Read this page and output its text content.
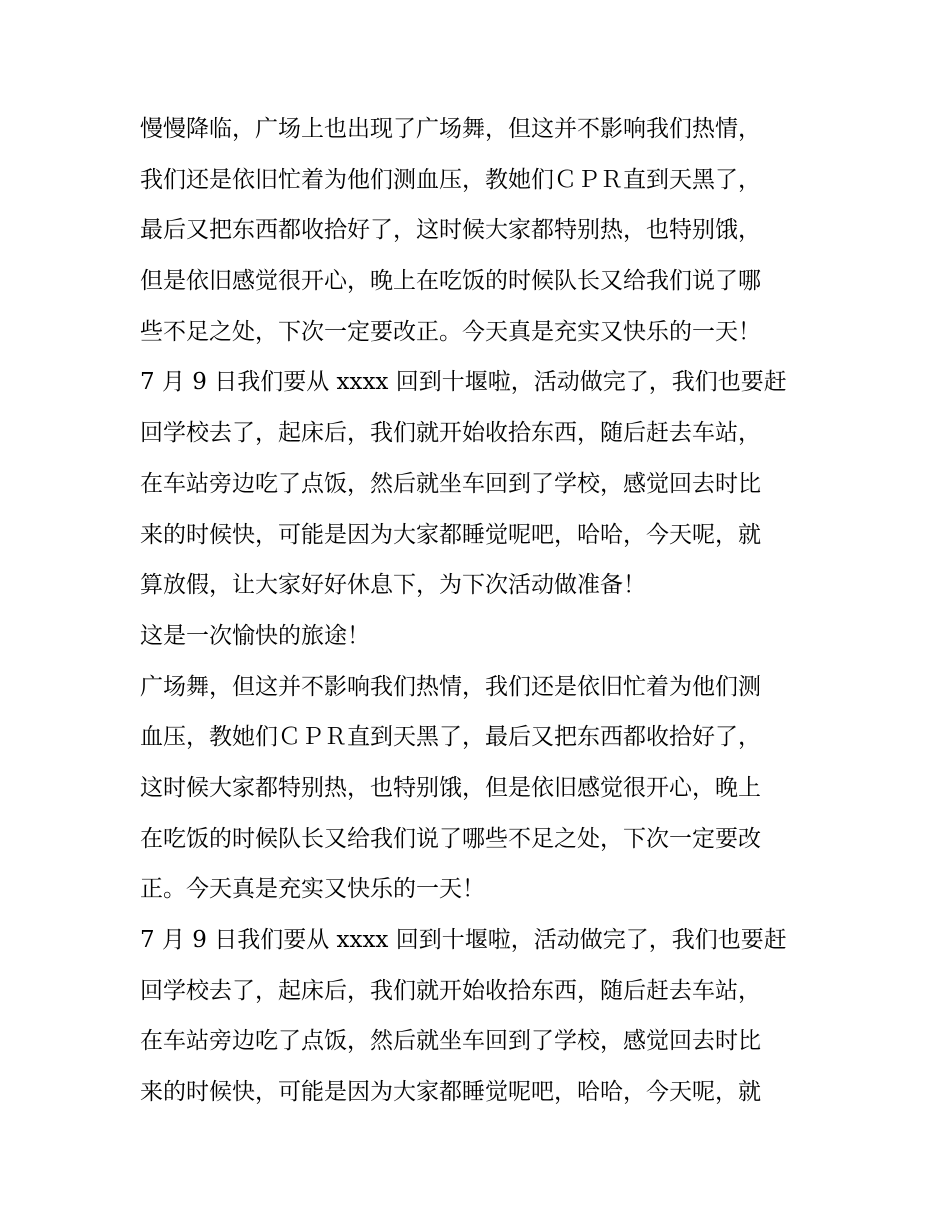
慢慢降临，广场上也出现了广场舞，但这并不影响我们热情，
我们还是依旧忙着为他们测血压，教她们ＣＰＲ直到天黑了，
最后又把东西都收拾好了，这时候大家都特别热，也特别饿，
但是依旧感觉很开心，晚上在吃饭的时候队长又给我们说了哪
些不足之处，下次一定要改正。今天真是充实又快乐的一天！
7 月 9 日我们要从 xxxx 回到十堰啦，活动做完了，我们也要赶
回学校去了，起床后，我们就开始收拾东西，随后赶去车站，
在车站旁边吃了点饭，然后就坐车回到了学校，感觉回去时比
来的时候快，可能是因为大家都睡觉呢吧，哈哈，今天呢，就
算放假，让大家好好休息下，为下次活动做准备！
这是一次愉快的旅途！
广场舞，但这并不影响我们热情，我们还是依旧忙着为他们测
血压，教她们ＣＰＲ直到天黑了，最后又把东西都收拾好了，
这时候大家都特别热，也特别饿，但是依旧感觉很开心，晚上
在吃饭的时候队长又给我们说了哪些不足之处，下次一定要改
正。今天真是充实又快乐的一天！
7 月 9 日我们要从 xxxx 回到十堰啦，活动做完了，我们也要赶
回学校去了，起床后，我们就开始收拾东西，随后赶去车站，
在车站旁边吃了点饭，然后就坐车回到了学校，感觉回去时比
来的时候快，可能是因为大家都睡觉呢吧，哈哈，今天呢，就
